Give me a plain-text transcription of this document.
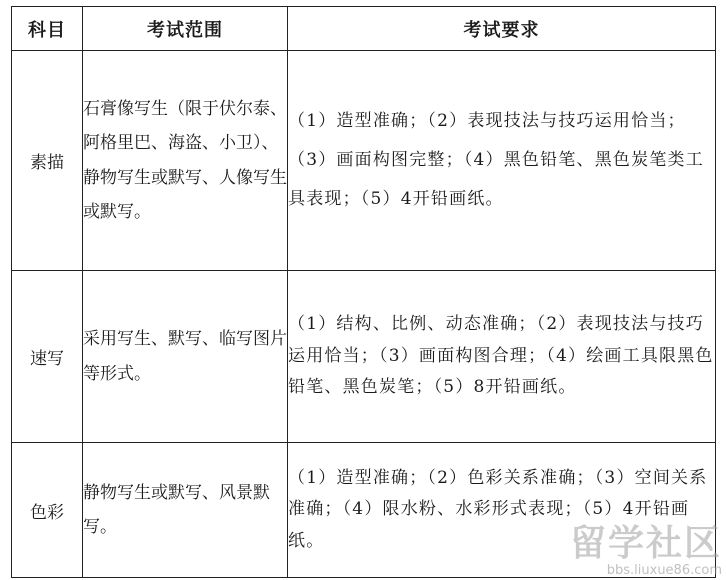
科目	考试范围	考试要求
素描	石膏像写生（限于伏尔泰、阿格里巴、海盗、小卫）、静物写生或默写、人像写生或默写。	（1）造型准确；（2）表现技法与技巧运用恰当；（3）画面构图完整；（4）黑色铅笔、黑色炭笔类工具表现；（5）4开铅画纸。
速写	采用写生、默写、临写图片等形式。	（1）结构、比例、动态准确；（2）表现技法与技巧运用恰当；（3）画面构图合理；（4）绘画工具限黑色铅笔、黑色炭笔；（5）8开铅画纸。
色彩	静物写生或默写、风景默写。	（1）造型准确；（2）色彩关系准确；（3）空间关系准确；（4）限水粉、水彩形式表现；（5）4开铅画纸。	留学社区
bbs.liuxue86.com
